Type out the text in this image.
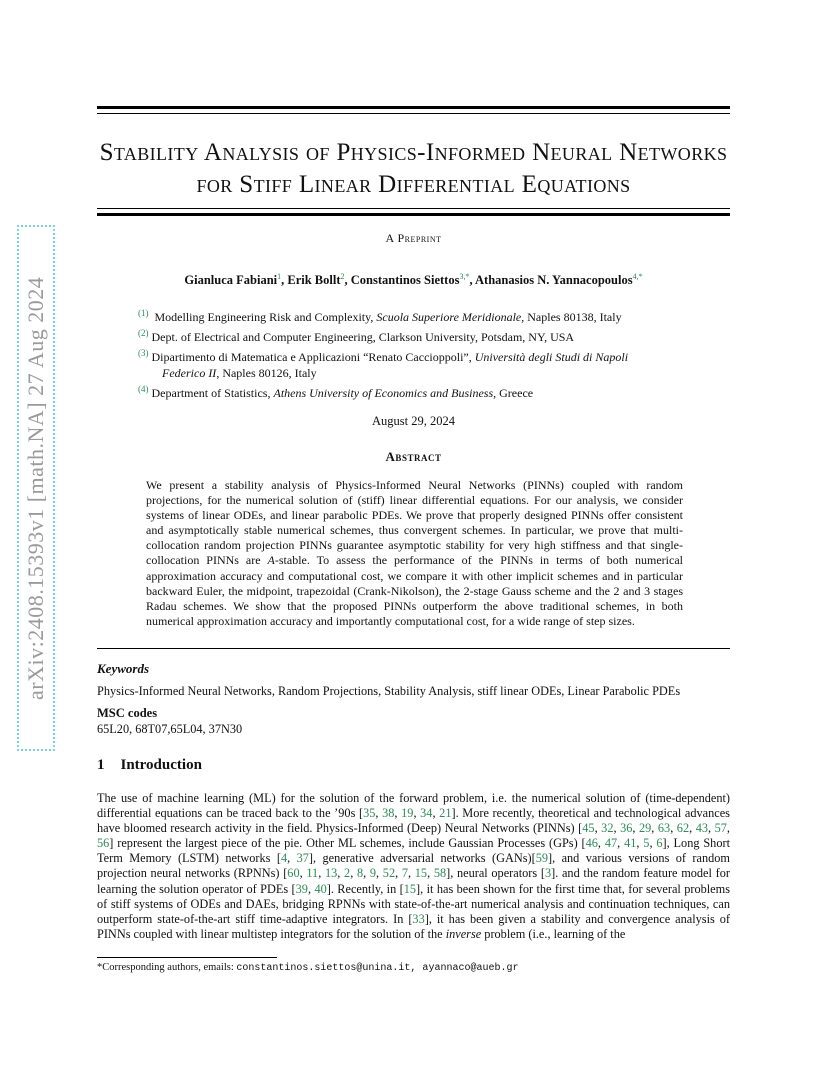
arXiv:2408.15393v1 [math.NA] 27 Aug 2024
Stability Analysis of Physics-Informed Neural Networks for Stiff Linear Differential Equations
A Preprint
Gianluca Fabiani$^1$, Erik Bollt$^2$, Constantinos Siettos$^{3,*}$, Athanasios N. Yannacopoulos$^{4,*}$
$^{(1)}$ Modelling Engineering Risk and Complexity, Scuola Superiore Meridionale, Naples 80138, Italy
$^{(2)}$ Dept. of Electrical and Computer Engineering, Clarkson University, Potsdam, NY, USA
$^{(3)}$ Dipartimento di Matematica e Applicazioni “Renato Caccioppoli”, Università degli Studi di Napoli
Federico II, Naples 80126, Italy
$^{(4)}$ Department of Statistics, Athens University of Economics and Business, Greece
August 29, 2024
Abstract
We present a stability analysis of Physics-Informed Neural Networks (PINNs) coupled with random projections, for the numerical solution of (stiff) linear differential equations. For our analysis, we consider systems of linear ODEs, and linear parabolic PDEs. We prove that properly designed PINNs offer consistent and asymptotically stable numerical schemes, thus convergent schemes. In particular, we prove that multi-collocation random projection PINNs guarantee asymptotic stability for very high stiffness and that single-collocation PINNs are A-stable. To assess the performance of the PINNs in terms of both numerical approximation accuracy and computational cost, we compare it with other implicit schemes and in particular backward Euler, the midpoint, trapezoidal (Crank-Nikolson), the 2-stage Gauss scheme and the 2 and 3 stages Radau schemes. We show that the proposed PINNs outperform the above traditional schemes, in both numerical approximation accuracy and importantly computational cost, for a wide range of step sizes.
Keywords
Physics-Informed Neural Networks, Random Projections, Stability Analysis, stiff linear ODEs, Linear Parabolic PDEs
MSC codes
65L20, 68T07,65L04, 37N30
1 Introduction
The use of machine learning (ML) for the solution of the forward problem, i.e. the numerical solution of (time-dependent) differential equations can be traced back to the ’90s [35, 38, 19, 34, 21]. More recently, theoretical and technological advances have bloomed research activity in the field. Physics-Informed (Deep) Neural Networks (PINNs) [45, 32, 36, 29, 63, 62, 43, 57, 56] represent the largest piece of the pie. Other ML schemes, include Gaussian Processes (GPs) [46, 47, 41, 5, 6], Long Short Term Memory (LSTM) networks [4, 37], generative adversarial networks (GANs)[59], and various versions of random projection neural networks (RPNNs) [60, 11, 13, 2, 8, 9, 52, 7, 15, 58], neural operators [3]. and the random feature model for learning the solution operator of PDEs [39, 40]. Recently, in [15], it has been shown for the first time that, for several problems of stiff systems of ODEs and DAEs, bridging RPNNs with state-of-the-art numerical analysis and continuation techniques, can outperform state-of-the-art stiff time-adaptive integrators. In [33], it has been given a stability and convergence analysis of PINNs coupled with linear multistep integrators for the solution of the inverse problem (i.e., learning of the
*Corresponding authors, emails: constantinos.siettos@unina.it, ayannaco@aueb.gr
